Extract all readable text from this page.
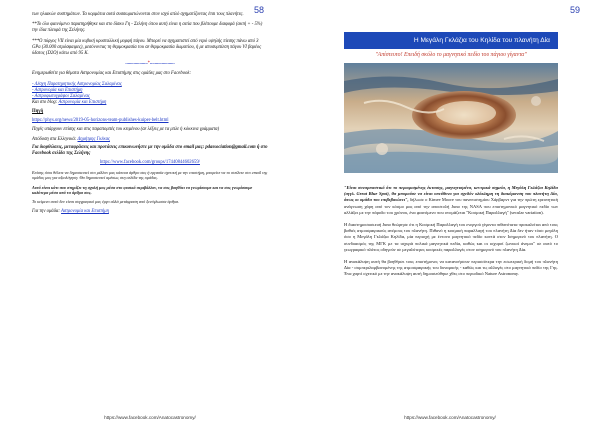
58

των ηλιακών συστημάτων. Τα κομμάτια αυτά συσσωματώνονται στον ισχύ απλό σχηματίζοντας έτσι τους πλανήτες.

**Το όλο φαινόμενο παρατηρήθηκε και στο δίσκο Γη - Σελήνη όπου αυτή είναι η αιτία που βλέπουμε διαφορά (ακτή + - 5%) την ίδια πλευρά της Σελήνης.

***Ο πύργος VII είναι μία κυβική κρυσταλλική μορφή πάγου. Μπορεί να σχηματιστεί από νερό υψηλής πίεσης πάνω από 3 GPa (30.000 ατμόσφαιρες), μεσόνοντας τη θερμοκρασία του σε θερμοκρασία δωματίου, ή με αποσυμπίεση πάγου VI βαρέος ύδατος (D2O) κάτω από 95 Κ.

...................*.....................

Ενημερωθείτε για θέματα Αστρονομίας και Επιστήμης στις ομάδες μας στο Facebook:

- Λέσχη Παρατηρητικής Αστρονομίας Σαλαμίνας
- Αστρονομία και Επιστήμη
- Αστροφωτογράφοι Σαλαμίνας
Και στο blog: Αστρονομία και Επιστήμη

Πηγή

https://phys.org/news/2019-05-horizons-team-publishes-kuiper-belt.html

Πηγές υπάρχουν επίσης και στις παραπομπές του κειμένου (σε λέξεις με τα μπλε ή κόκκινα γράμματα)

Απόδοση στα Ελληνικά: Δημήτρης Γκέκας

Για διορθώσεις, μεταφράσεις και προτάσεις επικοινωνήστε με την ομάδα στο email μας: pdassociation@gmail.com ή στο Facebook σελίδα της Σελήνης

https://www.facebook.com/groups/17440844602659/

Επίσης όσοι θέλετε να δημοσιευτεί στο μέλλον μας κάποια άρθρο σας ή εργασία σχετική με την επιστήμη, μπορείτε να το στείλετε στο email της ομάδας μας για αξιολόγηση. Θα δημοσιευτεί αμέσως στη σελίδα της ομάδας.

Αυτό είναι κάτι που στηρίζει τη σχολή μας μέσα στο φυσικό περιβάλλον, να σας βοηθάει να γνωρίσουμε και να σας γνωρίσουμε καλύτερα μέσα από τα άρθρα σας.

Το κείμενο αυτό δεν είναι συγγραφικό μας έργο αλλά μετάφραση από ξενόγλωσσα άρθρα.

Για την ομάδα: Αστρονομία και Επιστήμη

https://www.facebook.com/Anatocastronomy/
59
Η Μεγάλη Γκλάζια του Κηλίδα του πλανήτη Δία
"Απίστευτο! Επειδή σκόλο το μαγνητικό πεδίο του πάγιου γίγαντα"

"Είναι συναρπαστικό ότι το περιορισμένης έκτασης, μαγνητισμένα, κεντρικά σημεία, η Μεγάλη Γκλάζια Κηλίδα (αγγλ. Great Blue Spot), θα μπορούσε να είναι υπεύθυνο για σχεδόν ολόκληρη τη διακύμανση του πλανήτη Δία, όπως οι ομάδα του επιβεβαιώνει", δήλωσε ο Kimee Moore του πανεπιστημίου Χάρβαρντ για την πρώτη ερευνητική ανάγνωση χάρη από τον κόσμο μας από την αποστολή Juno της NASA που επιστημονικό μαγνητικό πεδίο των αλλάξει με την πάροδο του χρόνου, ένα φαινόμενο που ονομάζεται "Κοσμική Παραλλαγή" (secular variation).

Η διαστημοσυσκευή Juno θεώρησε ότι η Κοσμική Παραλλαγή του ενεργού γίγαντα πιθανότατα προκαλείται από τους βαθιές ατμοσφαιρικούς ανέμους του πλανήτη. Πιθανό η κοσμική παραλλαγή του πλανήτη Δία δεν ήταν τόσο μεγάλη όσο η Μεγάλη Γκλάζια Κηλίδα, μία περιοχή με έντονο μαγνητικό πεδίο κοντά στον Ισημερινό του πλανήτη. Ο συνδυασμός της ΜΓΚ με τα ισχυρά πολικά μαγνητικά πεδία, καθώς και οι ισχυροί ζωνικοί άνεμοι" σε αυτό το γεωγραφικό πλάτος οδηγούν σε μεγαλύτερες κοσμικές παραλλαγές στον ισημερινό του πλανήτη Δία.

Η ανακάλυψη αυτή θα βοηθήσει τους επιστήμονες να κατανοήσουν περισσότερα την εσωτερική δομή του πλανήτη Δία - συμπεριλαμβανομένης της ατμοσφαιρικής του δυναμικής - καθώς και τις αλλαγές στο μαγνητικό πεδίο της Γης. Ένα χαρτί σχετικό με την ανακάλυψη αυτή δημοσιεύθηκε χθες στο περιοδικό Nature Astronomy.

https://www.facebook.com/Anatocastronomy/
